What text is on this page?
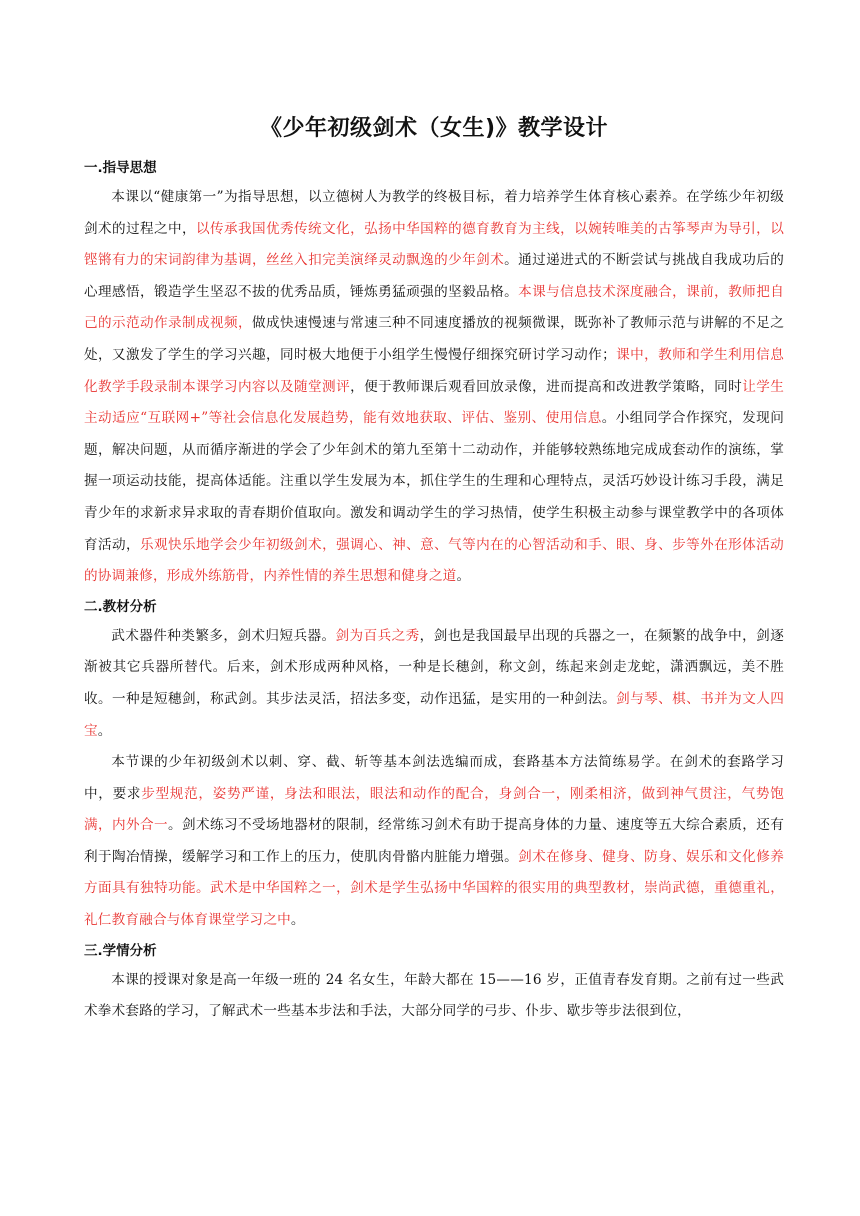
《少年初级剑术（女生)》教学设计
一.指导思想

本课以“健康第一”为指导思想，以立德树人为教学的终极目标，着力培养学生体育核心素养。在学练少年初级剑术的过程之中，以传承我国优秀传统文化，弘扬中华国粹的德育教育为主线，以婉转唯美的古筝琴声为导引，以铿锵有力的宋词韵律为基调，丝丝入扣完美演绎灵动飘逸的少年剑术。通过递进式的不断尝试与挑战自我成功后的心理感悟，锻造学生坚忍不拔的优秀品质，锤炼勇猛顽强的坚毅品格。本课与信息技术深度融合，课前，教师把自己的示范动作录制成视频，做成快速慢速与常速三种不同速度播放的视频微课，既弥补了教师示范与讲解的不足之处，又激发了学生的学习兴趣，同时极大地便于小组学生慢慢仔细探究研讨学习动作；课中，教师和学生利用信息化教学手段录制本课学习内容以及随堂测评，便于教师课后观看回放录像，进而提高和改进教学策略，同时让学生主动适应“互联网+”等社会信息化发展趋势，能有效地获取、评估、鉴别、使用信息。小组同学合作探究，发现问题，解决问题，从而循序渐进的学会了少年剑术的第九至第十二动动作，并能够较熟练地完成成套动作的演练，掌握一项运动技能，提高体适能。注重以学生发展为本，抓住学生的生理和心理特点，灵活巧妙设计练习手段，满足青少年的求新求异求取的青春期价值取向。激发和调动学生的学习热情，使学生积极主动参与课堂教学中的各项体育活动，乐观快乐地学会少年初级剑术，强调心、神、意、气等内在的心智活动和手、眼、身、步等外在形体活动的协调兼修，形成外练筋骨，内养性情的养生思想和健身之道。

二.教材分析

武术器件种类繁多，剑术归短兵器。剑为百兵之秀，剑也是我国最早出现的兵器之一，在频繁的战争中，剑逐渐被其它兵器所替代。后来，剑术形成两种风格，一种是长穗剑，称文剑，练起来剑走龙蛇，潇洒飘远，美不胜收。一种是短穗剑，称武剑。其步法灵活，招法多变，动作迅猛，是实用的一种剑法。剑与琴、棋、书并为文人四宝。

本节课的少年初级剑术以刺、穿、截、斩等基本剑法选编而成，套路基本方法简练易学。在剑术的套路学习中，要求步型规范，姿势严谨，身法和眼法，眼法和动作的配合，身剑合一，刚柔相济，做到神气贯注，气势饱满，内外合一。剑术练习不受场地器材的限制，经常练习剑术有助于提高身体的力量、速度等五大综合素质，还有利于陶冶情操，缓解学习和工作上的压力，使肌肉骨骼内脏能力增强。剑术在修身、健身、防身、娱乐和文化修养方面具有独特功能。武术是中华国粹之一，剑术是学生弘扬中华国粹的很实用的典型教材，崇尚武德，重德重礼，礼仁教育融合与体育课堂学习之中。

三.学情分析

本课的授课对象是高一年级一班的 24 名女生，年龄大都在 15——16 岁，正值青春发育期。之前有过一些武术拳术套路的学习，了解武术一些基本步法和手法，大部分同学的弓步、仆步、歇步等步法很到位，
